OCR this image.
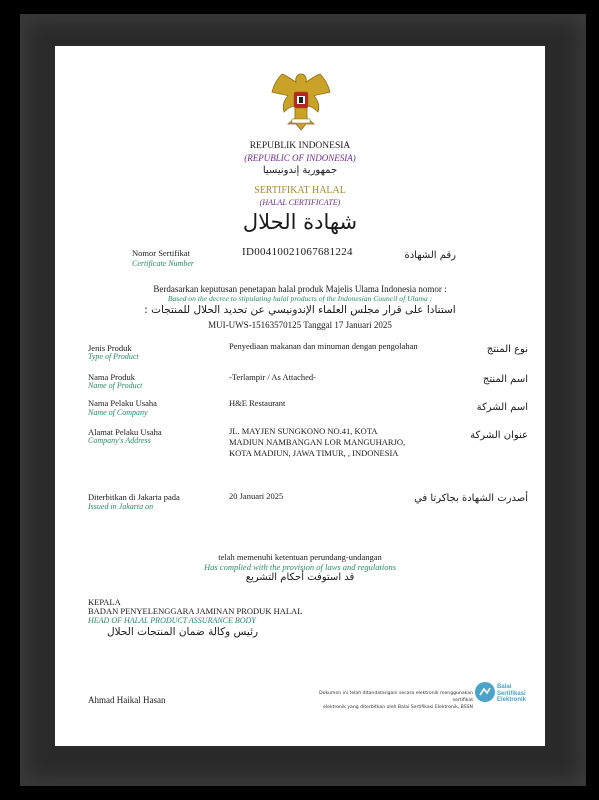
REPUBLIK INDONESIA
(REPUBLIC OF INDONESIA)
جمهورية إندونيسيا
SERTIFIKAT HALAL
(HALAL CERTIFICATE)
شهادة الحلال
Nomor Sertifikat
Certificate Number
ID00410021067681224	رقم الشهادة
Berdasarkan keputusan penetapan halal produk Majelis Ulama Indonesia nomor :
Based on the decree to stipulating halal products of the Indonesian Council of Ulama :
استنادا على قرار مجلس العلماء الإندونيسي عن تحديد الحلال للمنتجات :
MUI-UWS-15163570125 Tanggal 17 Januari 2025
Jenis Produk
Type of Product
Penyediaan makanan dan minuman dengan pengolahan	نوع المنتج
Nama Produk
Name of Product
-Terlampir / As Attached-	اسم المنتج
Nama Pelaku Usaha
Name of Company
H&E Restaurant	اسم الشركة
Alamat Pelaku Usaha
Company's Address
JL. MAYJEN SUNGKONO NO.41, KOTA MADIUN NAMBANGAN LOR MANGUHARJO, KOTA MADIUN, JAWA TIMUR, , INDONESIA
عنوان الشركة
Diterbitkan di Jakarta pada
Issued in Jakarta on
20 Januari 2025	أصدرت الشهادة بجاكرتا في
telah memenuhi ketentuan perundang-undangan
Has complied with the provision of laws and regulations
قد استوفت أحكام التشريع
KEPALA
BADAN PENYELENGGARA JAMINAN PRODUK HALAL
HEAD OF HALAL PRODUCT ASSURANCE BODY
رئيس وكالة ضمان المنتجات الحلال
Ahmad Haikal Hasan
Dokumen ini telah ditandatangani secara elektronik menggunakan sertifikat
elektronik yang diterbitkan oleh Balai Sertifikasi Elektronik, BSSN
Balai
Sertifikasi
Elektronik
